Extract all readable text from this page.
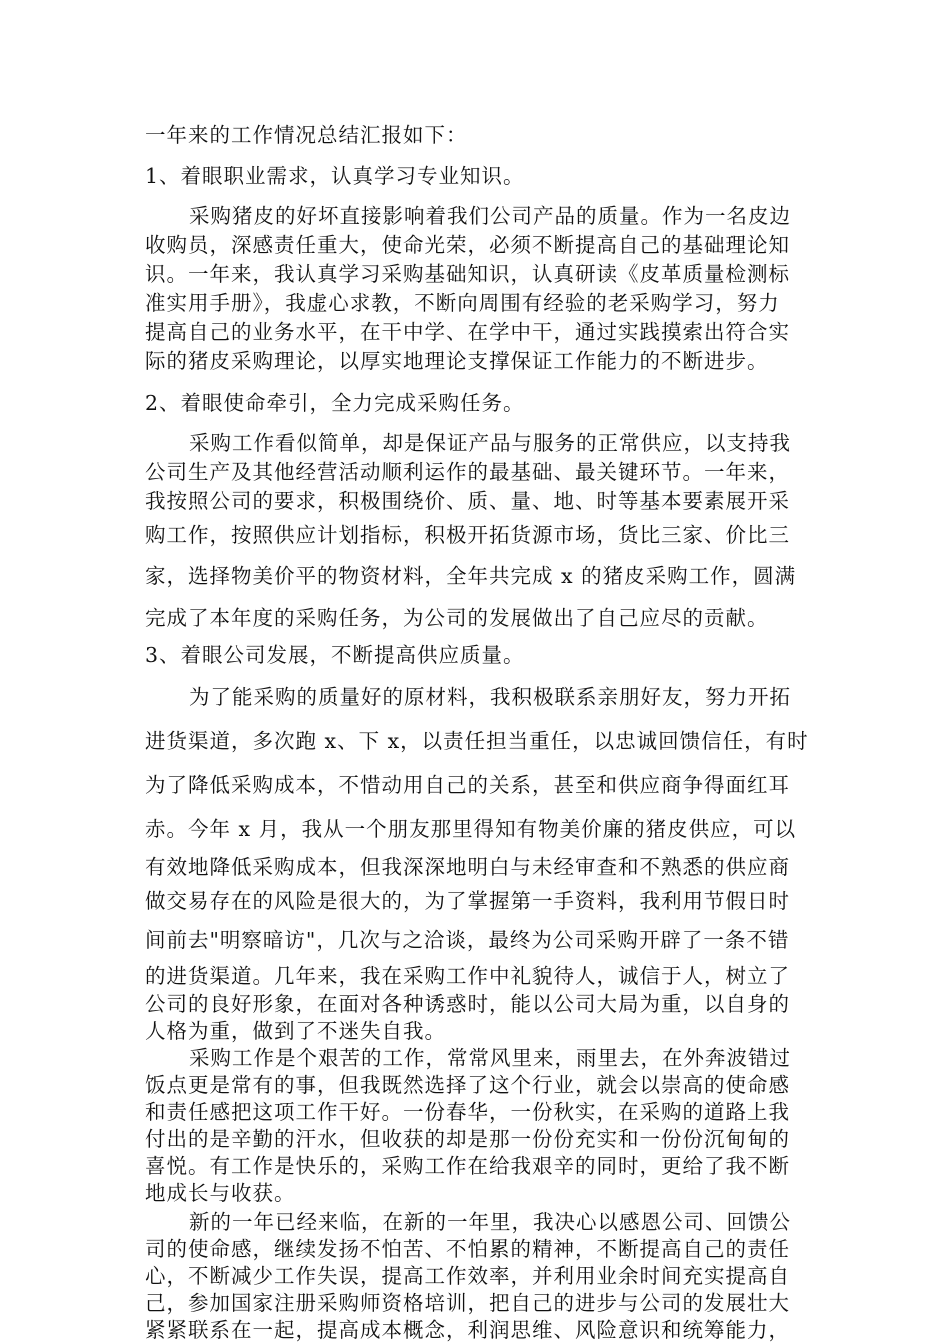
一年来的工作情况总结汇报如下：

1、着眼职业需求，认真学习专业知识。

采购猪皮的好坏直接影响着我们公司产品的质量。作为一名皮边
收购员，深感责任重大，使命光荣，必须不断提高自己的基础理论知
识。一年来，我认真学习采购基础知识，认真研读《皮革质量检测标
准实用手册》，我虚心求教，不断向周围有经验的老采购学习，努力
提高自己的业务水平，在干中学、在学中干，通过实践摸索出符合实
际的猪皮采购理论，以厚实地理论支撑保证工作能力的不断进步。

2、着眼使命牵引，全力完成采购任务。

采购工作看似简单，却是保证产品与服务的正常供应，以支持我
公司生产及其他经营活动顺利运作的最基础、最关键环节。一年来，
我按照公司的要求，积极围绕价、质、量、地、时等基本要素展开采
购工作，按照供应计划指标，积极开拓货源市场，货比三家、价比三
家，选择物美价平的物资材料，全年共完成 x 的猪皮采购工作，圆满
完成了本年度的采购任务，为公司的发展做出了自己应尽的贡献。

3、着眼公司发展，不断提高供应质量。

为了能采购的质量好的原材料，我积极联系亲朋好友，努力开拓
进货渠道，多次跑 x、下 x，以责任担当重任，以忠诚回馈信任，有时
为了降低采购成本，不惜动用自己的关系，甚至和供应商争得面红耳
赤。今年 x 月，我从一个朋友那里得知有物美价廉的猪皮供应，可以
有效地降低采购成本，但我深深地明白与未经审查和不熟悉的供应商
做交易存在的风险是很大的，为了掌握第一手资料，我利用节假日时
间前去"明察暗访"，几次与之洽谈，最终为公司采购开辟了一条不错
的进货渠道。几年来，我在采购工作中礼貌待人，诚信于人，树立了
公司的良好形象，在面对各种诱惑时，能以公司大局为重，以自身的
人格为重，做到了不迷失自我。

采购工作是个艰苦的工作，常常风里来，雨里去，在外奔波错过
饭点更是常有的事，但我既然选择了这个行业，就会以崇高的使命感
和责任感把这项工作干好。一份春华，一份秋实，在采购的道路上我
付出的是辛勤的汗水，但收获的却是那一份份充实和一份份沉甸甸的
喜悦。有工作是快乐的，采购工作在给我艰辛的同时，更给了我不断
地成长与收获。

新的一年已经来临，在新的一年里，我决心以感恩公司、回馈公
司的使命感，继续发扬不怕苦、不怕累的精神，不断提高自己的责任
心，不断减少工作失误，提高工作效率，并利用业余时间充实提高自
己，参加国家注册采购师资格培训，把自己的进步与公司的发展壮大
紧紧联系在一起，提高成本概念，利润思维、风险意识和统筹能力，
